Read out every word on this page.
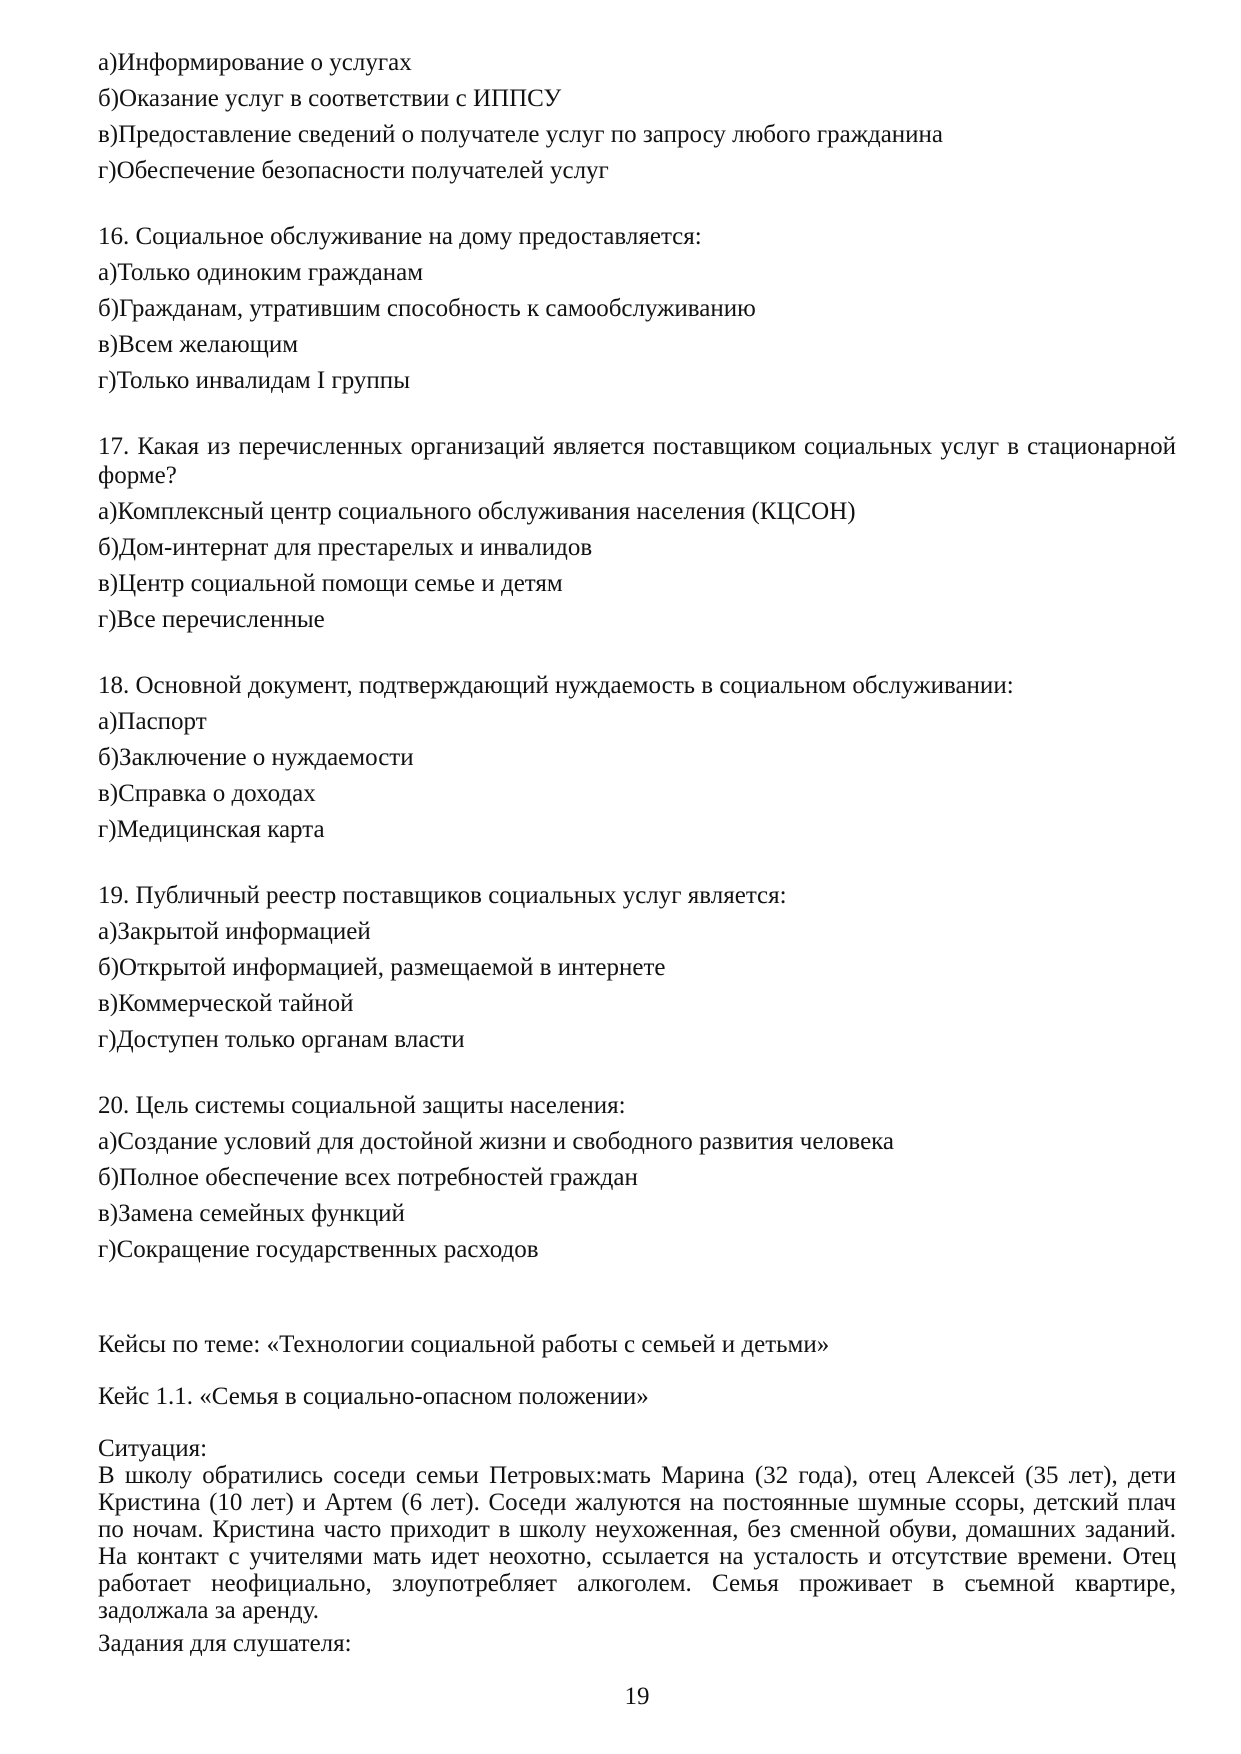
а)Информирование о услугах

б)Оказание услуг в соответствии с ИППСУ

в)Предоставление сведений о получателе услуг по запросу любого гражданина

г)Обеспечение безопасности получателей услуг

16. Социальное обслуживание на дому предоставляется:

а)Только одиноким гражданам

б)Гражданам, утратившим способность к самообслуживанию

в)Всем желающим

г)Только инвалидам I группы

17. Какая из перечисленных организаций является поставщиком социальных услуг в стационарной

форме?

а)Комплексный центр социального обслуживания населения (КЦСОН)

б)Дом-интернат для престарелых и инвалидов

в)Центр социальной помощи семье и детям

г)Все перечисленные

18. Основной документ, подтверждающий нуждаемость в социальном обслуживании:

а)Паспорт

б)Заключение о нуждаемости

в)Справка о доходах

г)Медицинская карта

19. Публичный реестр поставщиков социальных услуг является:

а)Закрытой информацией

б)Открытой информацией, размещаемой в интернете

в)Коммерческой тайной

г)Доступен только органам власти

20. Цель системы социальной защиты населения:

а)Создание условий для достойной жизни и свободного развития человека

б)Полное обеспечение всех потребностей граждан

в)Замена семейных функций

г)Сокращение государственных расходов

Кейсы по теме: «Технологии социальной работы с семьей и детьми»

Кейс 1.1. «Семья в социально-опасном положении»

Ситуация:

В школу обратились соседи семьи Петровых:мать Марина (32 года), отец Алексей (35 лет), дети

Кристина (10 лет) и Артем (6 лет). Соседи жалуются на постоянные шумные ссоры, детский плач

по ночам. Кристина часто приходит в школу неухоженная, без сменной обуви, домашних заданий.

На контакт с учителями мать идет неохотно, ссылается на усталость и отсутствие времени. Отец

работает неофициально, злоупотребляет алкоголем. Семья проживает в съемной квартире,

задолжала за аренду.

Задания для слушателя:

19
